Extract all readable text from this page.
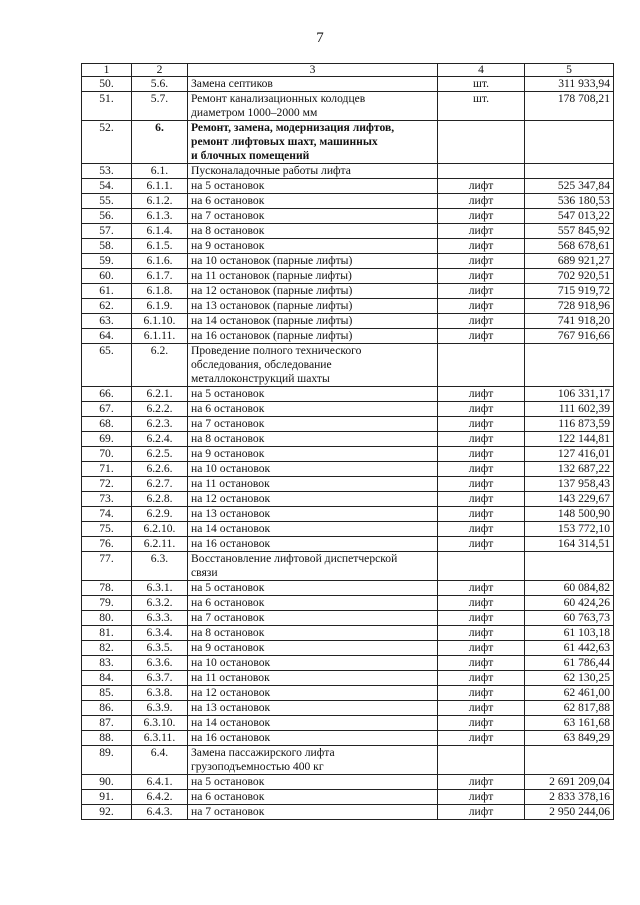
7
1	2	3	4	5
50.	5.6.	Замена септиков	шт.	311 933,94
51.	5.7.	Ремонт канализационных колодцев
диаметром 1000–2000 мм	шт.	178 708,21
52.	6.	Ремонт, замена, модернизация лифтов,
ремонт лифтовых шахт, машинных
и блочных помещений		
53.	6.1.	Пусконаладочные работы лифта		
54.	6.1.1.	на 5 остановок	лифт	525 347,84
55.	6.1.2.	на 6 остановок	лифт	536 180,53
56.	6.1.3.	на 7 остановок	лифт	547 013,22
57.	6.1.4.	на 8 остановок	лифт	557 845,92
58.	6.1.5.	на 9 остановок	лифт	568 678,61
59.	6.1.6.	на 10 остановок (парные лифты)	лифт	689 921,27
60.	6.1.7.	на 11 остановок (парные лифты)	лифт	702 920,51
61.	6.1.8.	на 12 остановок (парные лифты)	лифт	715 919,72
62.	6.1.9.	на 13 остановок (парные лифты)	лифт	728 918,96
63.	6.1.10.	на 14 остановок (парные лифты)	лифт	741 918,20
64.	6.1.11.	на 16 остановок (парные лифты)	лифт	767 916,66
65.	6.2.	Проведение полного технического
обследования, обследование
металлоконструкций шахты		
66.	6.2.1.	на 5 остановок	лифт	106 331,17
67.	6.2.2.	на 6 остановок	лифт	111 602,39
68.	6.2.3.	на 7 остановок	лифт	116 873,59
69.	6.2.4.	на 8 остановок	лифт	122 144,81
70.	6.2.5.	на 9 остановок	лифт	127 416,01
71.	6.2.6.	на 10 остановок	лифт	132 687,22
72.	6.2.7.	на 11 остановок	лифт	137 958,43
73.	6.2.8.	на 12 остановок	лифт	143 229,67
74.	6.2.9.	на 13 остановок	лифт	148 500,90
75.	6.2.10.	на 14 остановок	лифт	153 772,10
76.	6.2.11.	на 16 остановок	лифт	164 314,51
77.	6.3.	Восстановление лифтовой диспетчерской
связи		
78.	6.3.1.	на 5 остановок	лифт	60 084,82
79.	6.3.2.	на 6 остановок	лифт	60 424,26
80.	6.3.3.	на 7 остановок	лифт	60 763,73
81.	6.3.4.	на 8 остановок	лифт	61 103,18
82.	6.3.5.	на 9 остановок	лифт	61 442,63
83.	6.3.6.	на 10 остановок	лифт	61 786,44
84.	6.3.7.	на 11 остановок	лифт	62 130,25
85.	6.3.8.	на 12 остановок	лифт	62 461,00
86.	6.3.9.	на 13 остановок	лифт	62 817,88
87.	6.3.10.	на 14 остановок	лифт	63 161,68
88.	6.3.11.	на 16 остановок	лифт	63 849,29
89.	6.4.	Замена пассажирского лифта
грузоподъемностью 400 кг		
90.	6.4.1.	на 5 остановок	лифт	2 691 209,04
91.	6.4.2.	на 6 остановок	лифт	2 833 378,16
92.	6.4.3.	на 7 остановок	лифт	2 950 244,06
